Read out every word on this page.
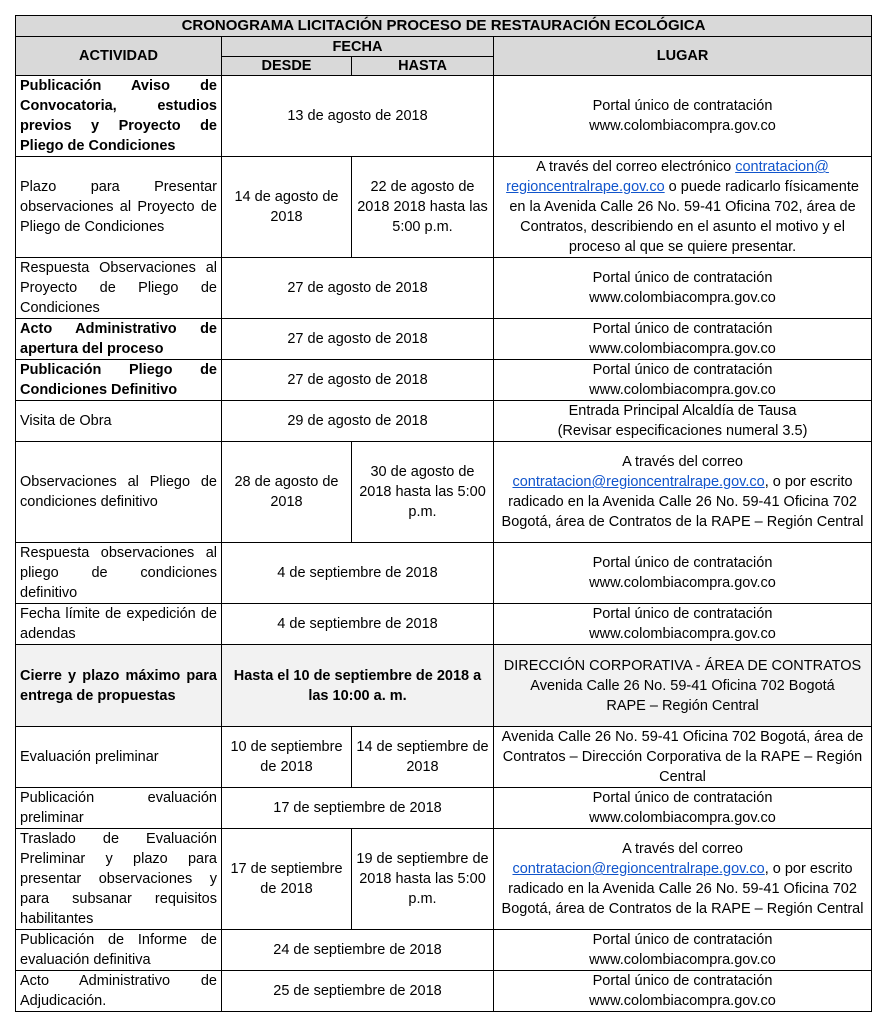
CRONOGRAMA LICITACIÓN PROCESO DE RESTAURACIÓN ECOLÓGICA			
ACTIVIDAD	FECHA		LUGAR
	DESDE	HASTA	
Publicación Aviso de Convocatoria, estudios previos y Proyecto de Pliego de Condiciones	13 de agosto de 2018		Portal único de contratación
www.colombiacompra.gov.co

Plazo para Presentar observaciones al Proyecto de Pliego de Condiciones	14 de agosto de 2018	22 de agosto de 2018 2018 hasta las 5:00 p.m.	A través del correo electrónico contratacion@ regioncentralrape.gov.co o puede radicarlo físicamente en la Avenida Calle 26 No. 59-41 Oficina 702, área de Contratos, describiendo en el asunto el motivo y el proceso al que se quiere presentar.
Respuesta Observaciones al Proyecto de Pliego de Condiciones	27 de agosto de 2018		Portal único de contratación
www.colombiacompra.gov.co

Acto Administrativo de apertura del proceso	27 de agosto de 2018		Portal único de contratación
www.colombiacompra.gov.co

Publicación Pliego de Condiciones Definitivo	27 de agosto de 2018		Portal único de contratación
www.colombiacompra.gov.co

Visita de Obra	29 de agosto de 2018		Entrada Principal Alcaldía de Tausa
(Revisar especificaciones numeral 3.5)

Observaciones al Pliego de condiciones definitivo	28 de agosto de 2018	30 de agosto de 2018 hasta las 5:00 p.m.	A través del correo contratacion@regioncentralrape.gov.co, o por escrito radicado en la Avenida Calle 26 No. 59-41 Oficina 702 Bogotá, área de Contratos de la RAPE – Región Central
Respuesta observaciones al pliego de condiciones definitivo	4 de septiembre de 2018		Portal único de contratación
www.colombiacompra.gov.co

Fecha límite de expedición de adendas	4 de septiembre de 2018		Portal único de contratación
www.colombiacompra.gov.co

Cierre y plazo máximo para entrega de propuestas	Hasta el 10 de septiembre de 2018 a las 10:00 a. m.		DIRECCIÓN CORPORATIVA - ÁREA DE CONTRATOS
Avenida Calle 26 No. 59-41 Oficina 702 Bogotá
RAPE – Región Central

Evaluación preliminar	10 de septiembre de 2018	14 de septiembre de 2018	Avenida Calle 26 No. 59-41 Oficina 702 Bogotá, área de Contratos – Dirección Corporativa de la RAPE – Región Central
Publicación evaluación preliminar	17 de septiembre de 2018		Portal único de contratación
www.colombiacompra.gov.co

Traslado de Evaluación Preliminar y plazo para presentar observaciones y para subsanar requisitos habilitantes	17 de septiembre de 2018	19 de septiembre de 2018 hasta las 5:00 p.m.	A través del correo contratacion@regioncentralrape.gov.co, o por escrito radicado en la Avenida Calle 26 No. 59-41 Oficina 702 Bogotá, área de Contratos de la RAPE – Región Central
Publicación de Informe de evaluación definitiva	24 de septiembre de 2018		Portal único de contratación
www.colombiacompra.gov.co

Acto Administrativo de Adjudicación.	25 de septiembre de 2018		Portal único de contratación
www.colombiacompra.gov.co
